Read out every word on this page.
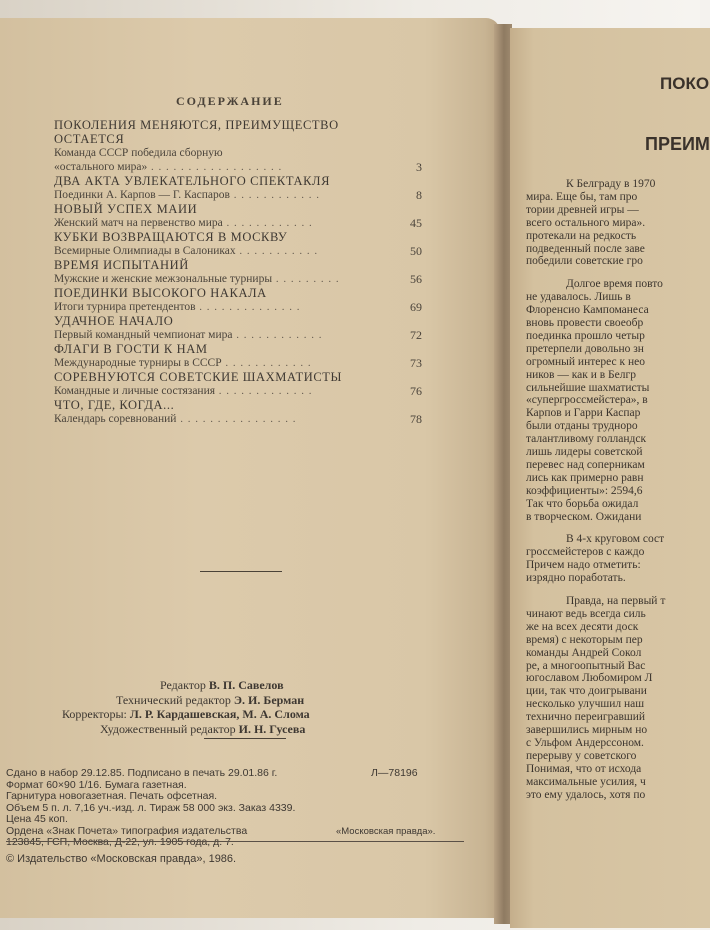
СОДЕРЖАНИЕ
ПОКОЛЕНИЯ МЕНЯЮТСЯ, ПРЕИМУЩЕСТВО
ОСТАЕТСЯ
Команда СССР победила сборную
«остального мира» . . . . . . . . . . . . . . . . . .	3
ДВА АКТА УВЛЕКАТЕЛЬНОГО СПЕКТАКЛЯ
Поединки А. Карпов — Г. Каспаров . . . . . . . . . . . .	8
НОВЫЙ УСПЕХ МАИИ
Женский матч на первенство мира . . . . . . . . . . . .	45
КУБКИ ВОЗВРАЩАЮТСЯ В МОСКВУ
Всемирные Олимпиады в Салониках . . . . . . . . . . .	50
ВРЕМЯ ИСПЫТАНИЙ
Мужские и женские межзональные турниры . . . . . . . . .	56
ПОЕДИНКИ ВЫСОКОГО НАКАЛА
Итоги турнира претендентов . . . . . . . . . . . . . .	69
УДАЧНОЕ НАЧАЛО
Первый командный чемпионат мира . . . . . . . . . . . .	72
ФЛАГИ В ГОСТИ К НАМ
Международные турниры в СССР . . . . . . . . . . . .	73
СОРЕВНУЮТСЯ СОВЕТСКИЕ ШАХМАТИСТЫ
Командные и личные состязания . . . . . . . . . . . . .	76
ЧТО, ГДЕ, КОГДА...
Календарь соревнований . . . . . . . . . . . . . . . .	78
Редактор В. П. Савелов
Технический редактор Э. И. Берман
Корректоры: Л. Р. Кардашевская, М. А. Слома
Художественный редактор И. Н. Гусева
Сдано в набор 29.12.85. Подписано в печать 29.01.86 г.	Л—78196
Формат 60×90 1/16. Бумага газетная.
Гарнитура новогазетная. Печать офсетная.
Объем 5 п. л. 7,16 уч.-изд. л. Тираж 58 000 экз. Заказ 4339.
Цена 45 коп.
Ордена «Знак Почета» типография издательства	«Московская правда».
123845, ГСП, Москва, Д-22, ул. 1905 года, д. 7.
© Издательство «Московская правда», 1986.
ПОКО
ПРЕИМ
К Белграду в 1970
мира. Еще бы, там про
тории древней игры —
всего остального мира».
протекали на редкость
подведенный после заве
победили советские гро
Долгое время повто
не удавалось. Лишь в
Флоренсио Кампоманеса
вновь провести своеобр
поединка прошло четыр
претерпели довольно зн
огромный интерес к нео
ников — как и в Белгр
сильнейшие шахматисты
«супергроссмейстера», в
Карпов и Гарри Каспар
были отданы трудноро
талантливому голландск
лишь лидеры советской
перевес над соперникам
лись как примерно равн
коэффициенты»: 2594,6
Так что борьба ожидал
в творческом. Ожидани
В 4-х круговом сост
гроссмейстеров с каждо
Причем надо отметить:
изрядно поработать.
Правда, на первый т
чинают ведь всегда силь
же на всех десяти доск
время) с некоторым пер
команды Андрей Сокол
ре, а многоопытный Вас
югославом Любомиром Л
ции, так что доигрывани
несколько улучшил наш
технично переигравший
завершились мирным но
с Ульфом Андерссоном.
перерыву у советского
Понимая, что от исхода
максимальные усилия, ч
это ему удалось, хотя по
